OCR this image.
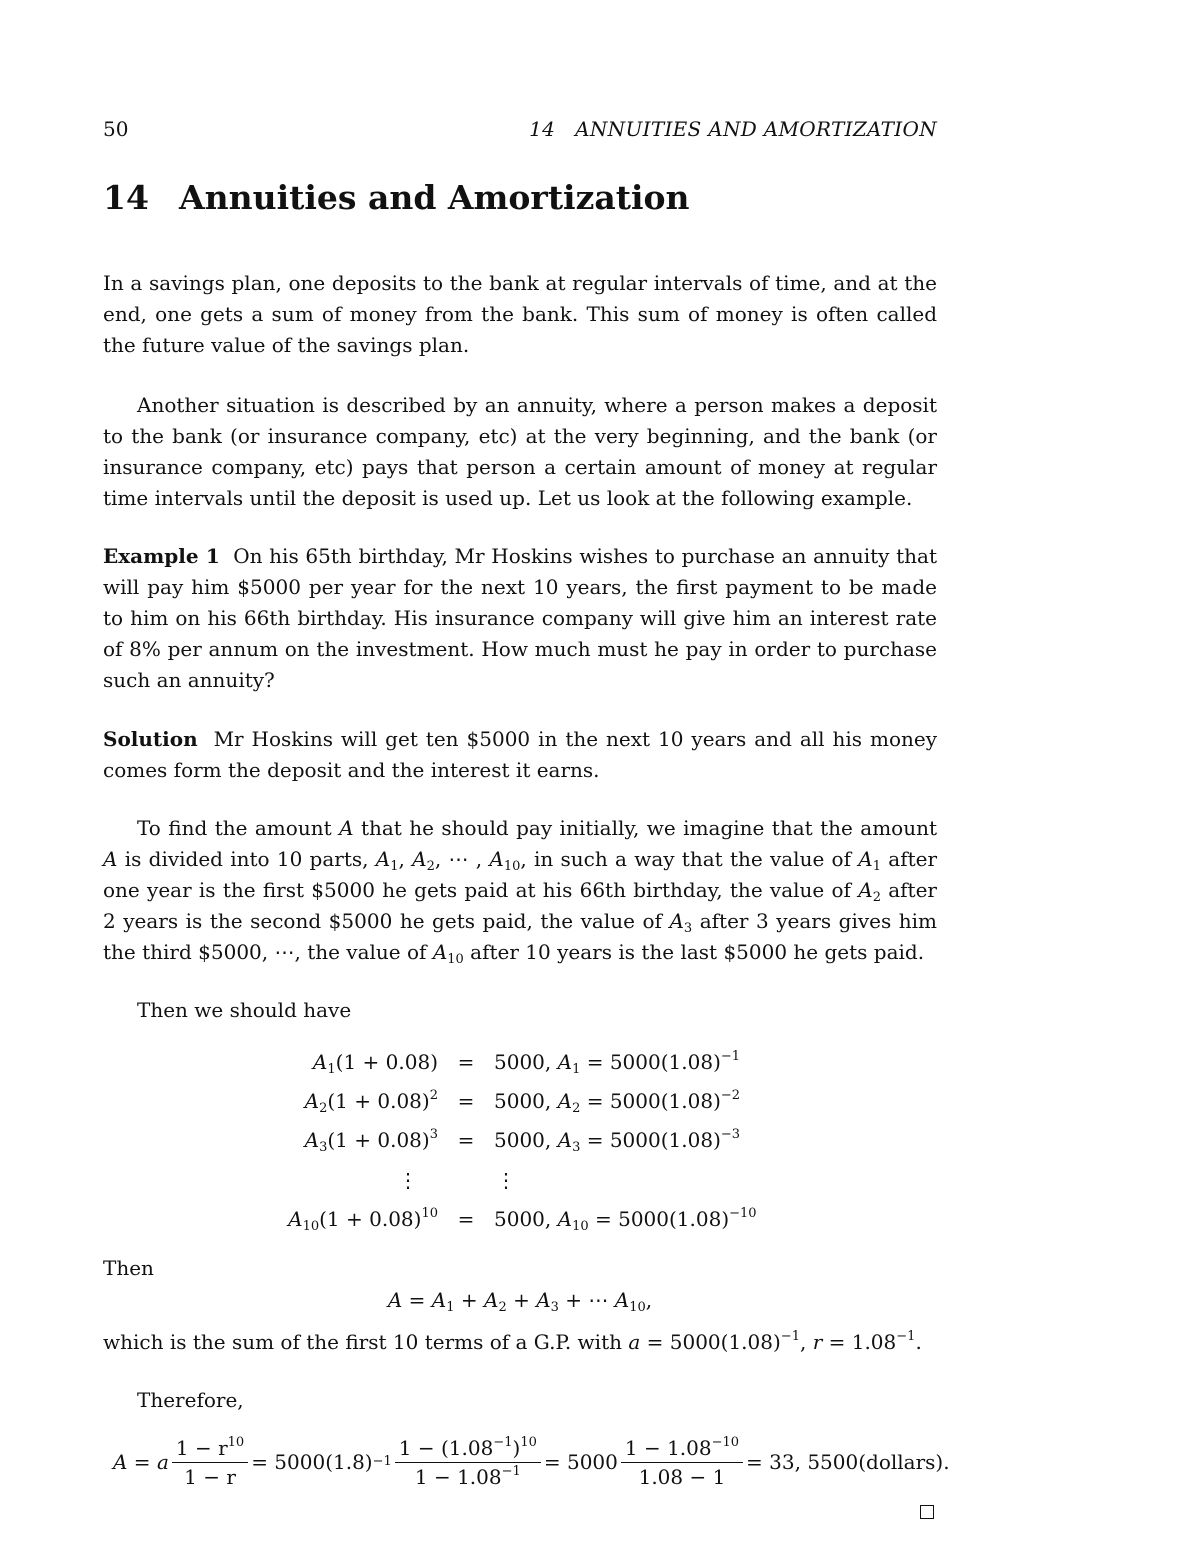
50	14   ANNUITIES AND AMORTIZATION
14 Annuities and Amortization
In a savings plan, one deposits to the bank at regular intervals of time, and at the end, one gets a sum of money from the bank. This sum of money is often called the future value of the savings plan.
Another situation is described by an annuity, where a person makes a deposit to the bank (or insurance company, etc) at the very beginning, and the bank (or insurance company, etc) pays that person a certain amount of money at regular time intervals until the deposit is used up. Let us look at the following example.
Example 1 On his 65th birthday, Mr Hoskins wishes to purchase an annuity that will pay him $5000 per year for the next 10 years, the first payment to be made to him on his 66th birthday. His insurance company will give him an interest rate of 8% per annum on the investment. How much must he pay in order to purchase such an annuity?
Solution Mr Hoskins will get ten $5000 in the next 10 years and all his money comes form the deposit and the interest it earns.
To find the amount A that he should pay initially, we imagine that the amount A is divided into 10 parts, $A_1$, $A_2$, ⋯ , $A_{10}$, in such a way that the value of $A_1$ after one year is the first $5000 he gets paid at his 66th birthday, the value of $A_2$ after 2 years is the second $5000 he gets paid, the value of $A_3$ after 3 years gives him the third $5000, ⋯, the value of $A_{10}$ after 10 years is the last $5000 he gets paid.
Then we should have
$A_1(1 + 0.08)$	=	5000, $A_1 = 5000(1.08)^{-1}$
$A_2(1 + 0.08)^2$	=	5000, $A_2 = 5000(1.08)^{-2}$
$A_3(1 + 0.08)^3$	=	5000, $A_3 = 5000(1.08)^{-3}$
⋮		⋮
$A_{10}(1 + 0.08)^{10}$	=	5000, $A_{10} = 5000(1.08)^{-10}$
Then
$A = A_1 + A_2 + A_3$ + ⋯ $A_{10}$,
which is the sum of the first 10 terms of a G.P. with $a = 5000(1.08)^{-1}$, $r = 1.08^{-1}$.
Therefore,
A = a $\frac{1 - r^{10}}{1 - r} = 5000(1.8) -1 \frac{1 - (1.08^{-1})^{10}}{1 - 1.08^{-1}} = 5000 \frac{1 - 1.08^{-10}}{1.08 - 1} = 33$, 5500(dollars).
